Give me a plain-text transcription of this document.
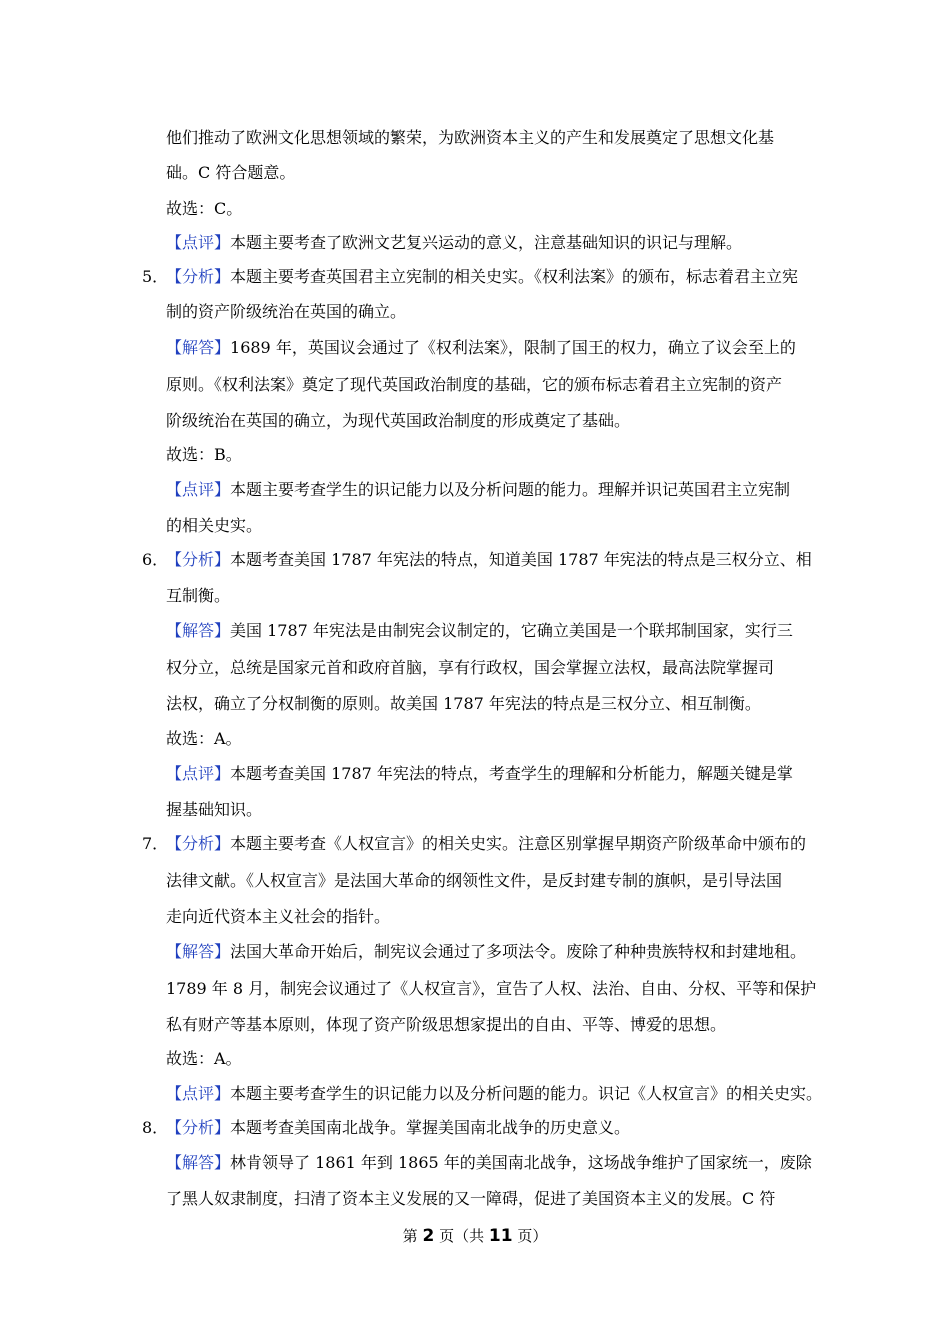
他们推动了欧洲文化思想领域的繁荣，为欧洲资本主义的产生和发展奠定了思想文化基
础。C 符合题意。
故选：C。
【点评】本题主要考查了欧洲文艺复兴运动的意义，注意基础知识的识记与理解。
5．
【分析】本题主要考查英国君主立宪制的相关史实。《权利法案》的颁布，标志着君主立宪
制的资产阶级统治在英国的确立。
【解答】1689 年，英国议会通过了《权利法案》，限制了国王的权力，确立了议会至上的
原则。《权利法案》奠定了现代英国政治制度的基础，它的颁布标志着君主立宪制的资产
阶级统治在英国的确立，为现代英国政治制度的形成奠定了基础。
故选：B。
【点评】本题主要考查学生的识记能力以及分析问题的能力。理解并识记英国君主立宪制
的相关史实。
6．
【分析】本题考查美国 1787 年宪法的特点，知道美国 1787 年宪法的特点是三权分立、相
互制衡。
【解答】美国 1787 年宪法是由制宪会议制定的，它确立美国是一个联邦制国家，实行三
权分立，总统是国家元首和政府首脑，享有行政权，国会掌握立法权，最高法院掌握司
法权，确立了分权制衡的原则。故美国 1787 年宪法的特点是三权分立、相互制衡。
故选：A。
【点评】本题考查美国 1787 年宪法的特点，考查学生的理解和分析能力，解题关键是掌
握基础知识。
7．
【分析】本题主要考查《人权宣言》的相关史实。注意区别掌握早期资产阶级革命中颁布的
法律文献。《人权宣言》是法国大革命的纲领性文件，是反封建专制的旗帜，是引导法国
走向近代资本主义社会的指针。
【解答】法国大革命开始后，制宪议会通过了多项法令。废除了种种贵族特权和封建地租。
1789 年 8 月，制宪会议通过了《人权宣言》，宣告了人权、法治、自由、分权、平等和保护
私有财产等基本原则，体现了资产阶级思想家提出的自由、平等、博爱的思想。
故选：A。
【点评】本题主要考查学生的识记能力以及分析问题的能力。识记《人权宣言》的相关史实。
8．
【分析】本题考查美国南北战争。掌握美国南北战争的历史意义。
【解答】林肯领导了 1861 年到 1865 年的美国南北战争，这场战争维护了国家统一，废除
了黑人奴隶制度，扫清了资本主义发展的又一障碍，促进了美国资本主义的发展。C 符
第 2 页（共 11 页）
